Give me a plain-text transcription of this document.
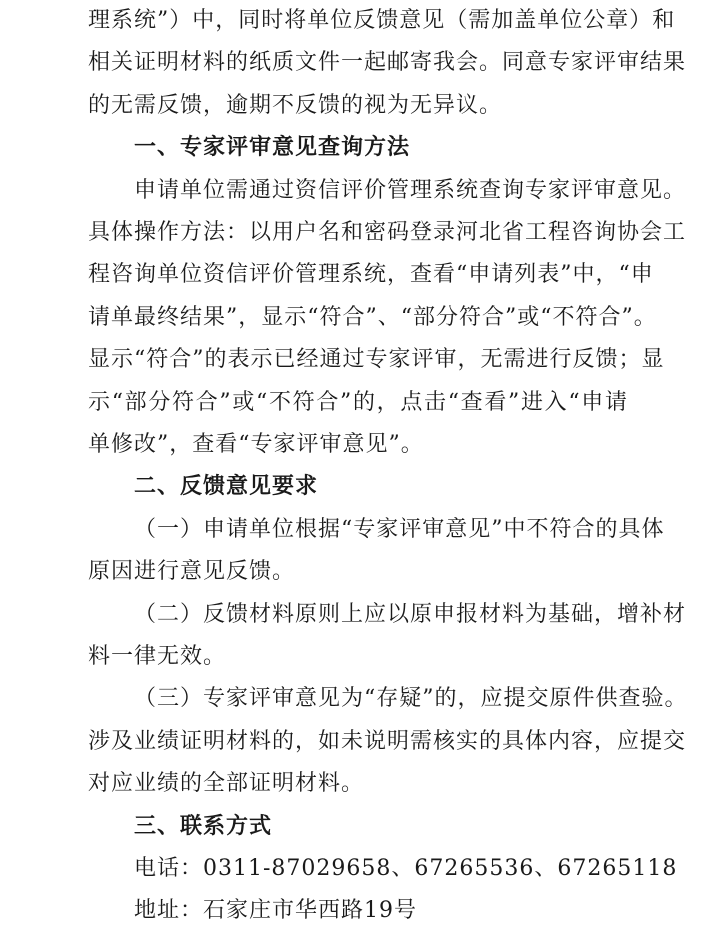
理系统”）中，同时将单位反馈意见（需加盖单位公章）和
相关证明材料的纸质文件一起邮寄我会。同意专家评审结果
的无需反馈，逾期不反馈的视为无异议。
一、专家评审意见查询方法
申请单位需通过资信评价管理系统查询专家评审意见。
具体操作方法：以用户名和密码登录河北省工程咨询协会工
程咨询单位资信评价管理系统，查看“申请列表”中，“申
请单最终结果”，显示“符合”、“部分符合”或“不符合”。
显示“符合”的表示已经通过专家评审，无需进行反馈；显
示“部分符合”或“不符合”的，点击“查看”进入“申请
单修改”，查看“专家评审意见”。
二、反馈意见要求
（一）申请单位根据“专家评审意见”中不符合的具体
原因进行意见反馈。
（二）反馈材料原则上应以原申报材料为基础，增补材
料一律无效。
（三）专家评审意见为“存疑”的，应提交原件供查验。
涉及业绩证明材料的，如未说明需核实的具体内容，应提交
对应业绩的全部证明材料。
三、联系方式
电话：0311-87029658、67265536、67265118
地址：石家庄市华西路19号
